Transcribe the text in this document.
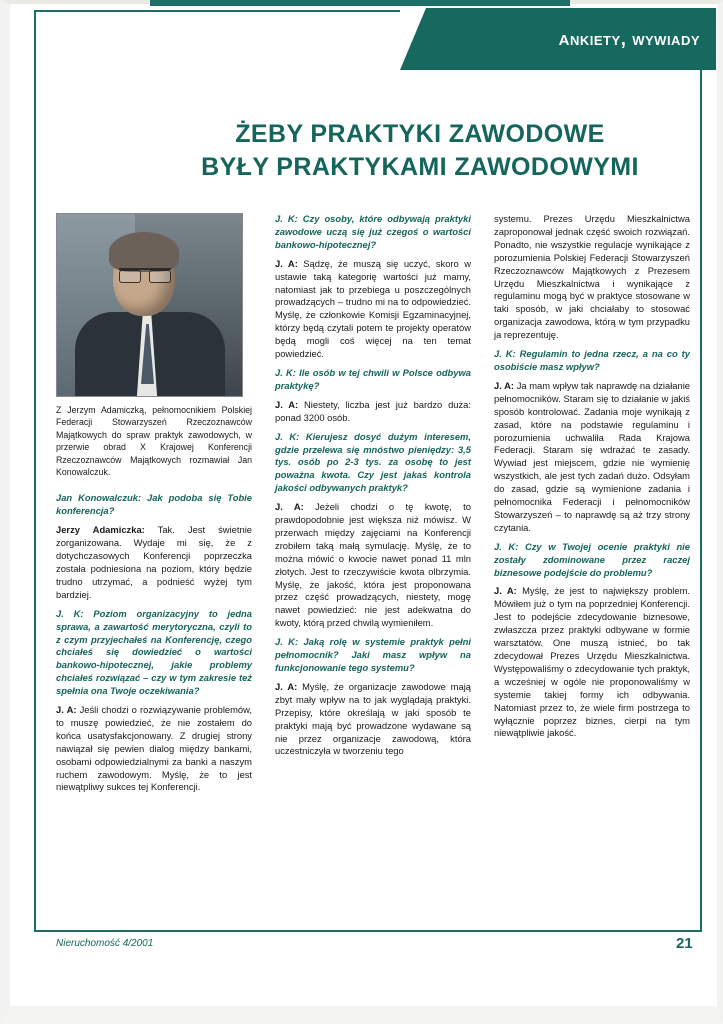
ankiety, wywiady
ŻEBY PRAKTYKI ZAWODOWE
BYŁY PRAKTYKAMI ZAWODOWYMI
Z Jerzym Adamiczką, pełnomocnikiem Polskiej Federacji Stowarzyszeń Rzeczoznawców Majątkowych do spraw praktyk zawodowych, w przerwie obrad X Krajowej Konferencji Rzeczoznawców Majątkowych rozmawiał Jan Konowalczuk.
Jan Konowalczuk: Jak podoba się Tobie konferencja?
Jerzy Adamiczka: Tak. Jest świetnie zorganizowana. Wydaje mi się, że z dotychczasowych Konferencji poprzeczka została podniesiona na poziom, który będzie trudno utrzymać, a podnieść wyżej tym bardziej.
J. K: Poziom organizacyjny to jedna sprawa, a zawartość merytoryczna, czyli to z czym przyjechałeś na Konferencję, czego chciałeś się dowiedzieć o wartości bankowo-hipotecznej, jakie problemy chciałeś rozwiązać – czy w tym zakresie też spełnia ona Twoje oczekiwania?
J. A: Jeśli chodzi o rozwiązywanie problemów, to muszę powiedzieć, że nie zostałem do końca usatysfakcjonowany. Z drugiej strony nawiązał się pewien dialog między bankami, osobami odpowiedzialnymi za banki a naszym ruchem zawodowym. Myślę, że to jest niewątpliwy sukces tej Konferencji.
J. K: Czy osoby, które odbywają praktyki zawodowe uczą się już czegoś o wartości bankowo-hipotecznej?
J. A: Sądzę, że muszą się uczyć, skoro w ustawie taką kategorię wartości już mamy, natomiast jak to przebiega u poszczególnych prowadzących – trudno mi na to odpowiedzieć. Myślę, że członkowie Komisji Egzaminacyjnej, którzy będą czytali potem te projekty operatów będą mogli coś więcej na ten temat powiedzieć.
J. K: Ile osób w tej chwili w Polsce odbywa praktykę?
J. A: Niestety, liczba jest już bardzo duża: ponad 3200 osób.
J. K: Kierujesz dosyć dużym interesem, gdzie przelewa się mnóstwo pieniędzy: 3,5 tys. osób po 2-3 tys. za osobę to jest poważna kwota. Czy jest jakaś kontrola jakości odbywanych praktyk?
J. A: Jeżeli chodzi o tę kwotę, to prawdopodobnie jest większa niż mówisz. W przerwach między zajęciami na Konferencji zrobiłem taką małą symulację. Myślę, że to można mówić o kwocie nawet ponad 11 mln złotych. Jest to rzeczywiście kwota olbrzymia. Myślę, że jakość, która jest proponowana przez część prowadzących, niestety, mogę nawet powiedzieć: nie jest adekwatna do kwoty, którą przed chwilą wymieniłem.
J. K: Jaką rolę w systemie praktyk pełni pełnomocnik? Jaki masz wpływ na funkcjonowanie tego systemu?
J. A: Myślę, że organizacje zawodowe mają zbyt mały wpływ na to jak wyglądają praktyki. Przepisy, które określają w jaki sposób te praktyki mają być prowadzone wydawane są nie przez organizacje zawodową, która uczestniczyła w tworzeniu tego
systemu. Prezes Urzędu Mieszkalnictwa zaproponował jednak część swoich rozwiązań. Ponadto, nie wszystkie regulacje wynikające z porozumienia Polskiej Federacji Stowarzyszeń Rzeczoznawców Majątkowych z Prezesem Urzędu Mieszkalnictwa i wynikające z regulaminu mogą być w praktyce stosowane w taki sposób, w jaki chciałaby to stosować organizacja zawodowa, którą w tym przypadku ja reprezentuję.
J. K: Regulamin to jedna rzecz, a na co ty osobiście masz wpływ?
J. A: Ja mam wpływ tak naprawdę na działanie pełnomocników. Staram się to działanie w jakiś sposób kontrolować. Zadania moje wynikają z zasad, które na podstawie regulaminu i porozumienia uchwaliła Rada Krajowa Federacji. Staram się wdrażać te zasady. Wywiad jest miejscem, gdzie nie wymienię wszystkich, ale jest tych zadań dużo. Odsyłam do zasad, gdzie są wymienione zadania i pełnomocnika Federacji i pełnomocników Stowarzyszeń – to naprawdę są aż trzy strony czytania.
J. K: Czy w Twojej ocenie praktyki nie zostały zdominowane przez raczej biznesowe podejście do problemu?
J. A: Myślę, że jest to największy problem. Mówiłem już o tym na poprzedniej Konferencji. Jest to podejście zdecydowanie biznesowe, zwłaszcza przez praktyki odbywane w formie warsztatów. One muszą istnieć, bo tak zdecydował Prezes Urzędu Mieszkalnictwa. Występowaliśmy o zdecydowanie tych praktyk, a wcześniej w ogóle nie proponowaliśmy w systemie takiej formy ich odbywania. Natomiast przez to, że wiele firm postrzega to wyłącznie poprzez biznes, cierpi na tym niewątpliwie jakość.
Nieruchomość 4/2001	21
